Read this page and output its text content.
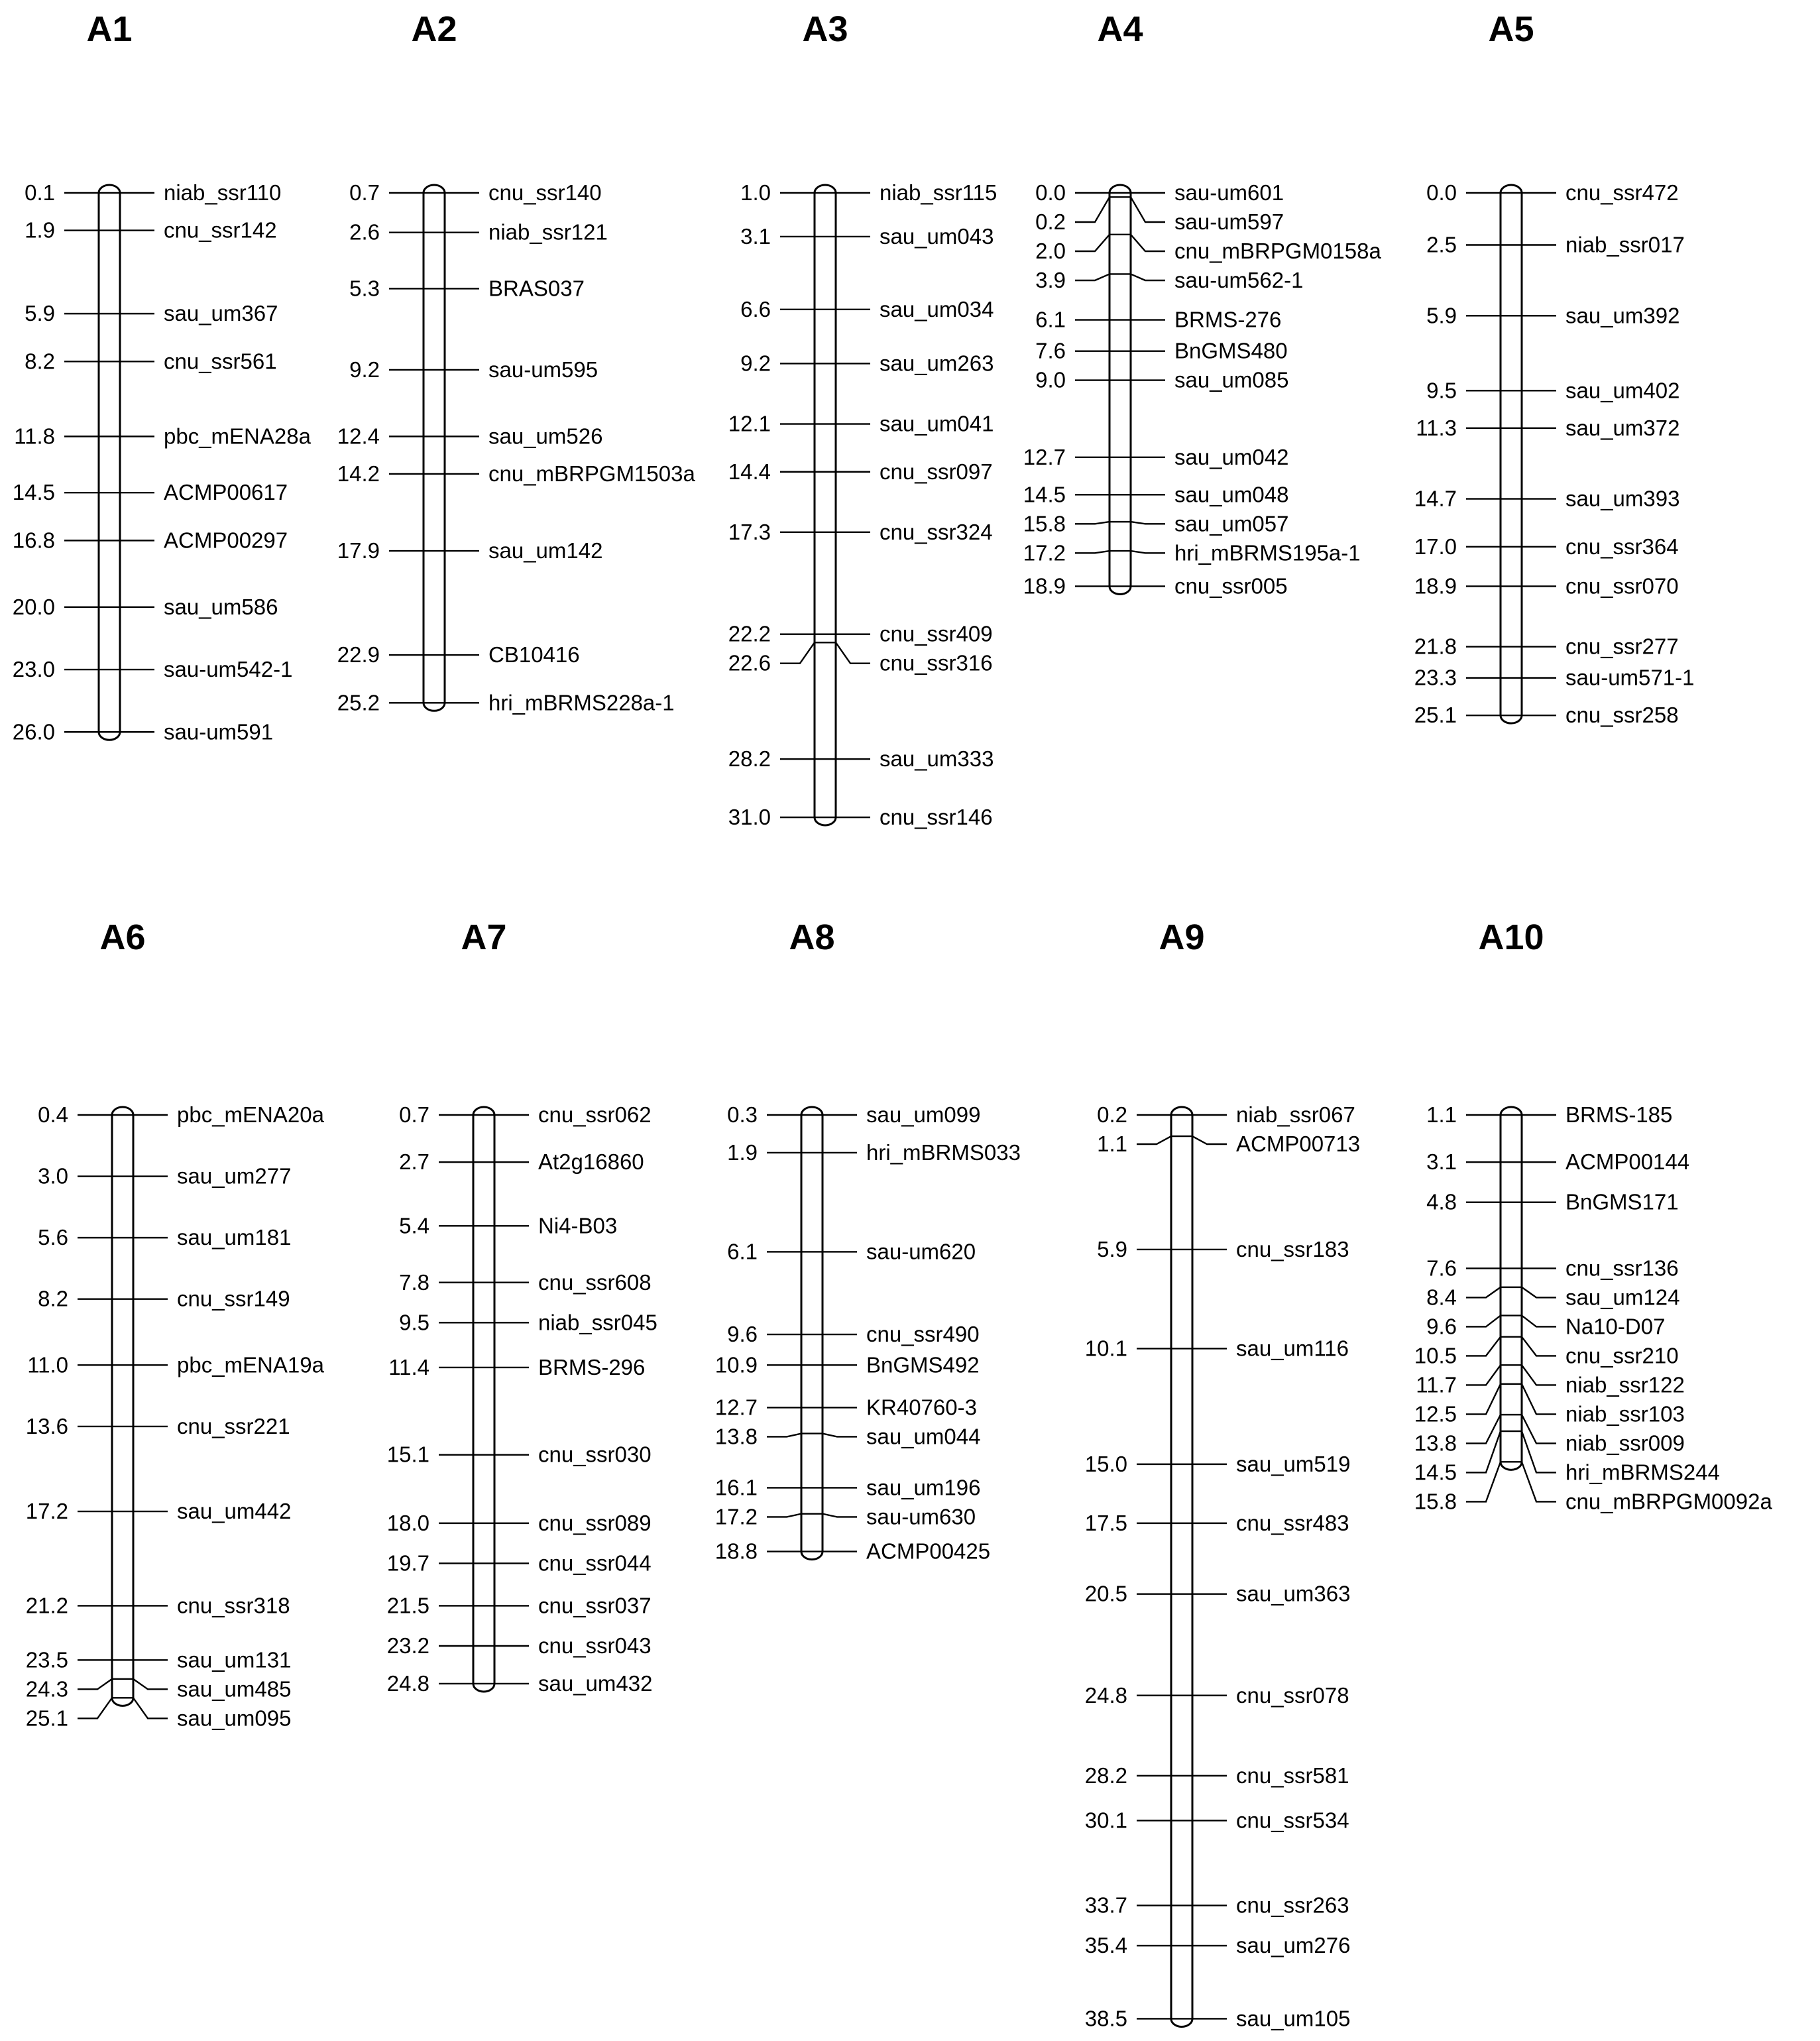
A1
0.1	niab_ssr110
1.9	cnu_ssr142
5.9	sau_um367
8.2	cnu_ssr561
11.8	pbc_mENA28a
14.5	ACMP00617
16.8	ACMP00297
20.0	sau_um586
23.0	sau-um542-1
26.0	sau-um591
A2
0.7	cnu_ssr140
2.6	niab_ssr121
5.3	BRAS037
9.2	sau-um595
12.4	sau_um526
14.2	cnu_mBRPGM1503a
17.9	sau_um142
22.9	CB10416
25.2	hri_mBRMS228a-1
A3
1.0	niab_ssr115
3.1	sau_um043
6.6	sau_um034
9.2	sau_um263
12.1	sau_um041
14.4	cnu_ssr097
17.3	cnu_ssr324
22.2	cnu_ssr409
22.6	cnu_ssr316
28.2	sau_um333
31.0	cnu_ssr146
A4
0.0	sau-um601
0.2	sau-um597
2.0	cnu_mBRPGM0158a
3.9	sau-um562-1
6.1	BRMS-276
7.6	BnGMS480
9.0	sau_um085
12.7	sau_um042
14.5	sau_um048
15.8	sau_um057
17.2	hri_mBRMS195a-1
18.9	cnu_ssr005
A5
0.0	cnu_ssr472
2.5	niab_ssr017
5.9	sau_um392
9.5	sau_um402
11.3	sau_um372
14.7	sau_um393
17.0	cnu_ssr364
18.9	cnu_ssr070
21.8	cnu_ssr277
23.3	sau-um571-1
25.1	cnu_ssr258
A6
0.4	pbc_mENA20a
3.0	sau_um277
5.6	sau_um181
8.2	cnu_ssr149
11.0	pbc_mENA19a
13.6	cnu_ssr221
17.2	sau_um442
21.2	cnu_ssr318
23.5	sau_um131
24.3	sau_um485
25.1	sau_um095
A7
0.7	cnu_ssr062
2.7	At2g16860
5.4	Ni4-B03
7.8	cnu_ssr608
9.5	niab_ssr045
11.4	BRMS-296
15.1	cnu_ssr030
18.0	cnu_ssr089
19.7	cnu_ssr044
21.5	cnu_ssr037
23.2	cnu_ssr043
24.8	sau_um432
A8
0.3	sau_um099
1.9	hri_mBRMS033
6.1	sau-um620
9.6	cnu_ssr490
10.9	BnGMS492
12.7	KR40760-3
13.8	sau_um044
16.1	sau_um196
17.2	sau-um630
18.8	ACMP00425
A9
0.2	niab_ssr067
1.1	ACMP00713
5.9	cnu_ssr183
10.1	sau_um116
15.0	sau_um519
17.5	cnu_ssr483
20.5	sau_um363
24.8	cnu_ssr078
28.2	cnu_ssr581
30.1	cnu_ssr534
33.7	cnu_ssr263
35.4	sau_um276
38.5	sau_um105
A10
1.1	BRMS-185
3.1	ACMP00144
4.8	BnGMS171
7.6	cnu_ssr136
8.4	sau_um124
9.6	Na10-D07
10.5	cnu_ssr210
11.7	niab_ssr122
12.5	niab_ssr103
13.8	niab_ssr009
14.5	hri_mBRMS244
15.8	cnu_mBRPGM0092a
